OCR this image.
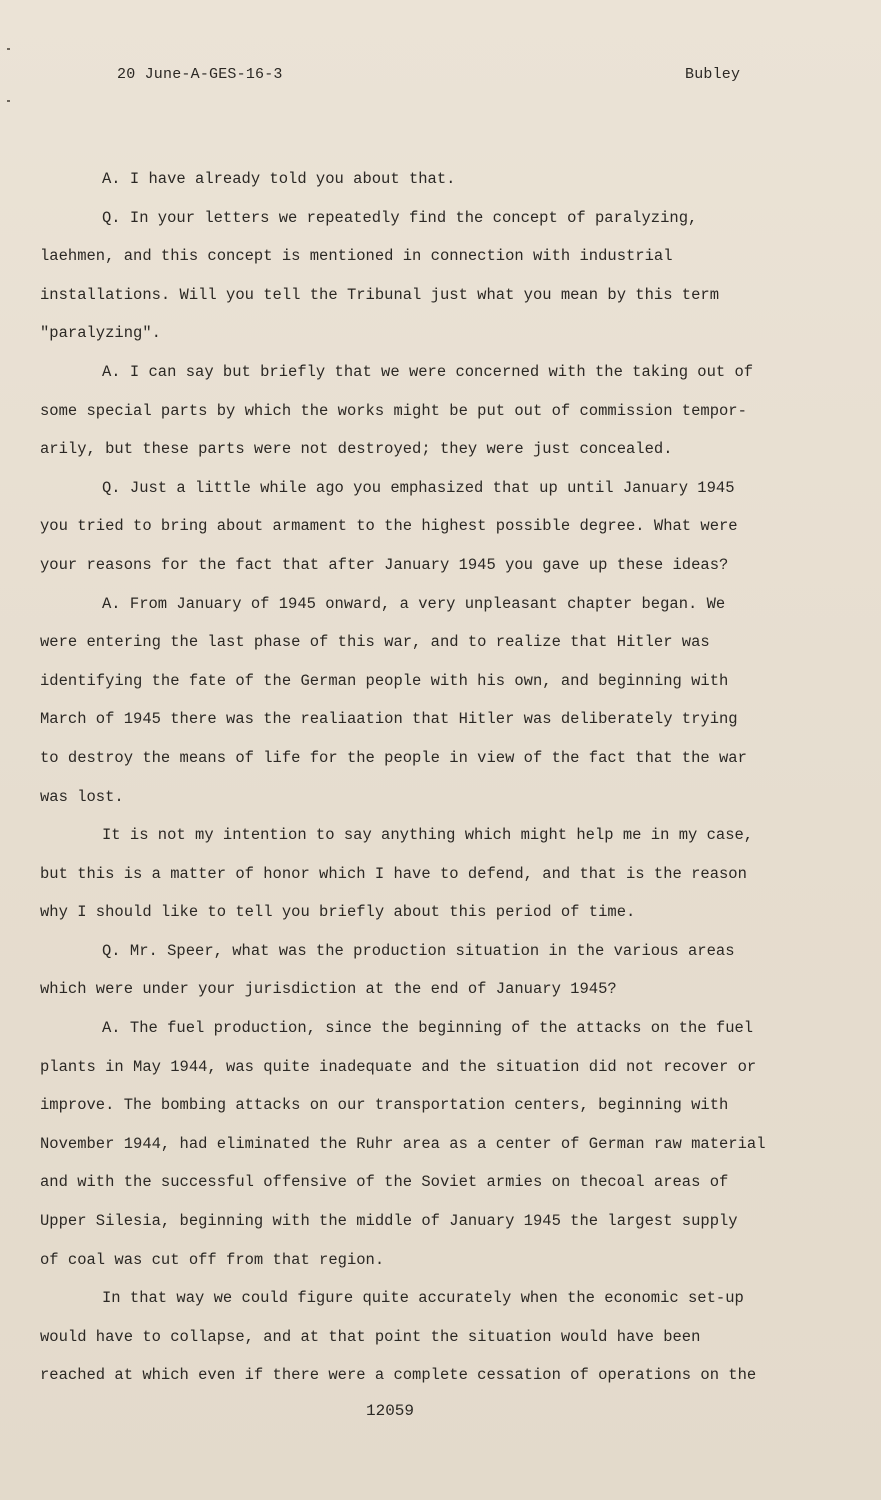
20 June-A-GES-16-3	Bubley

A. I have already told you about that.

Q. In your letters we repeatedly find the concept of paralyzing,

laehmen, and this concept is mentioned in connection with industrial

installations. Will you tell the Tribunal just what you mean by this term

"paralyzing".

A. I can say but briefly that we were concerned with the taking out of

some special parts by which the works might be put out of commission tempor-

arily, but these parts were not destroyed; they were just concealed.

Q. Just a little while ago you emphasized that up until January 1945

you tried to bring about armament to the highest possible degree. What were

your reasons for the fact that after January 1945 you gave up these ideas?

A. From January of 1945 onward, a very unpleasant chapter began. We

were entering the last phase of this war, and to realize that Hitler was

identifying the fate of the German people with his own, and beginning with

March of 1945 there was the realiaation that Hitler was deliberately trying

to destroy the means of life for the people in view of the fact that the war

was lost.

It is not my intention to say anything which might help me in my case,

but this is a matter of honor which I have to defend, and that is the reason

why I should like to tell you briefly about this period of time.

Q. Mr. Speer, what was the production situation in the various areas

which were under your jurisdiction at the end of January 1945?

A. The fuel production, since the beginning of the attacks on the fuel

plants in May 1944, was quite inadequate and the situation did not recover or

improve. The bombing attacks on our transportation centers, beginning with

November 1944, had eliminated the Ruhr area as a center of German raw material

and with the successful offensive of the Soviet armies on thecoal areas of

Upper Silesia, beginning with the middle of January 1945 the largest supply

of coal was cut off from that region.

In that way we could figure quite accurately when the economic set-up

would have to collapse, and at that point the situation would have been

reached at which even if there were a complete cessation of operations on the

12059
